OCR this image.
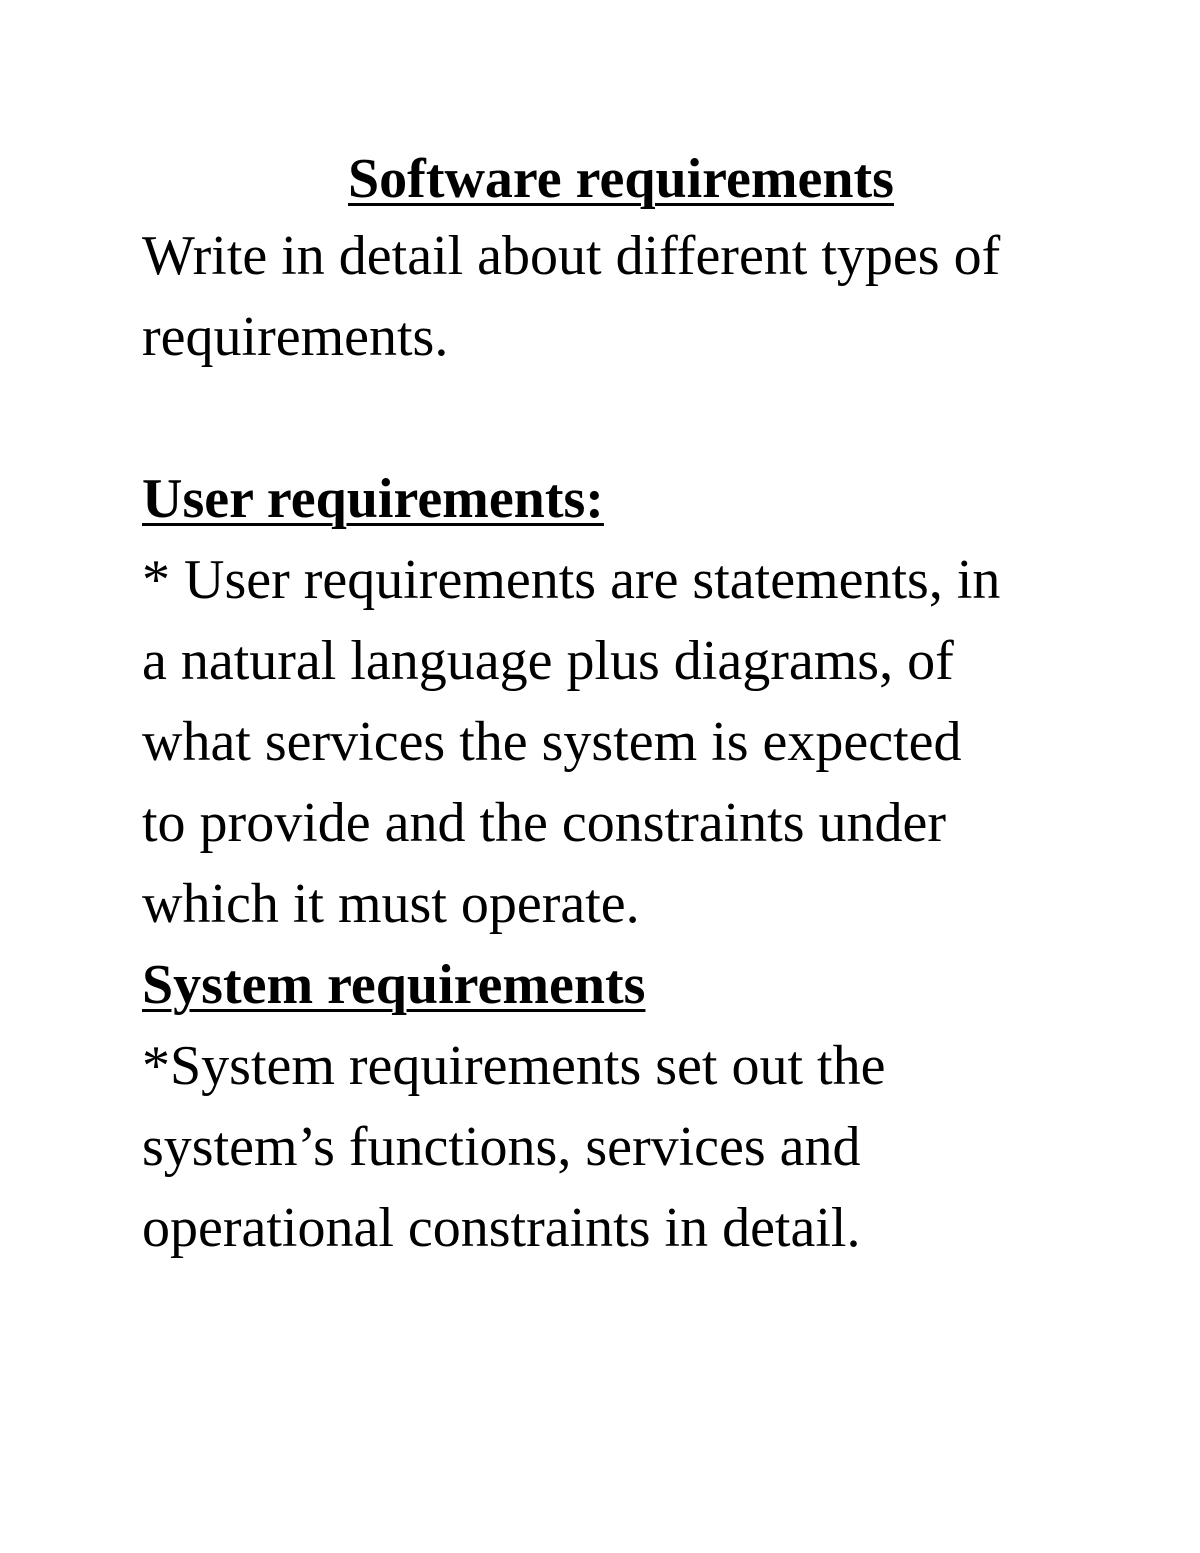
Software requirements
Write in detail about different types of
requirements.
User requirements:
* User requirements are statements, in
a natural language plus diagrams, of
what services the system is expected
to provide and the constraints under
which it must operate.
System requirements
*System requirements set out the
system’s functions, services and
operational constraints in detail.
